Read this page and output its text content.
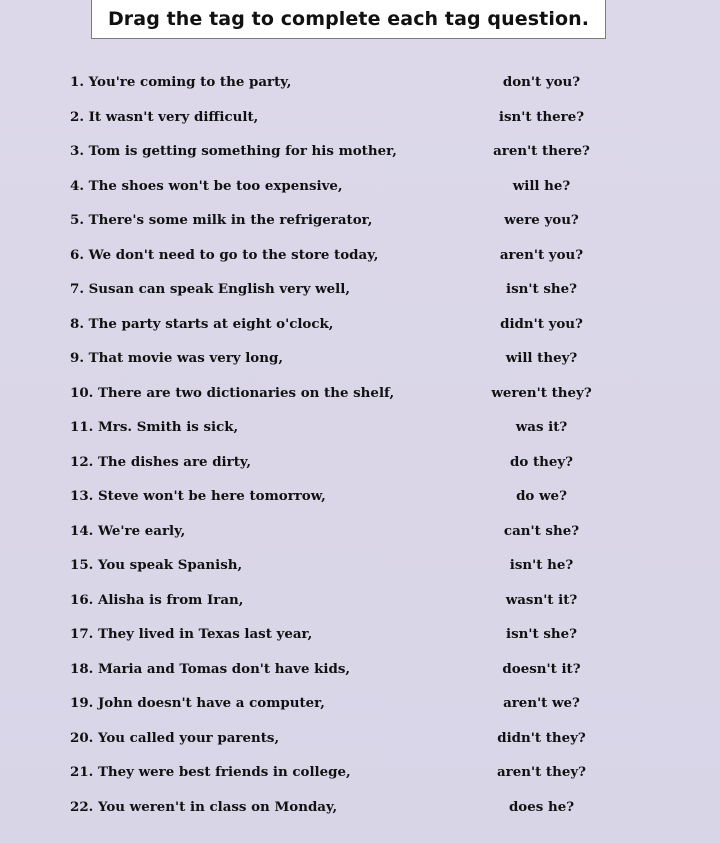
Drag the tag to complete each tag question.
1. You're coming to the party,	don't you?
2. It wasn't very difficult,	isn't there?
3. Tom is getting something for his mother,	aren't there?
4. The shoes won't be too expensive,	will he?
5. There's some milk in the refrigerator,	were you?
6. We don't need to go to the store today,	aren't you?
7. Susan can speak English very well,	isn't she?
8. The party starts at eight o'clock,	didn't you?
9. That movie was very long,	will they?
10. There are two dictionaries on the shelf,	weren't they?
11. Mrs. Smith is sick,	was it?
12. The dishes are dirty,	do they?
13. Steve won't be here tomorrow,	do we?
14. We're early,	can't she?
15. You speak Spanish,	isn't he?
16. Alisha is from Iran,	wasn't it?
17. They lived in Texas last year,	isn't she?
18. Maria and Tomas don't have kids,	doesn't it?
19. John doesn't have a computer,	aren't we?
20. You called your parents,	didn't they?
21. They were best friends in college,	aren't they?
22. You weren't in class on Monday,	does he?
